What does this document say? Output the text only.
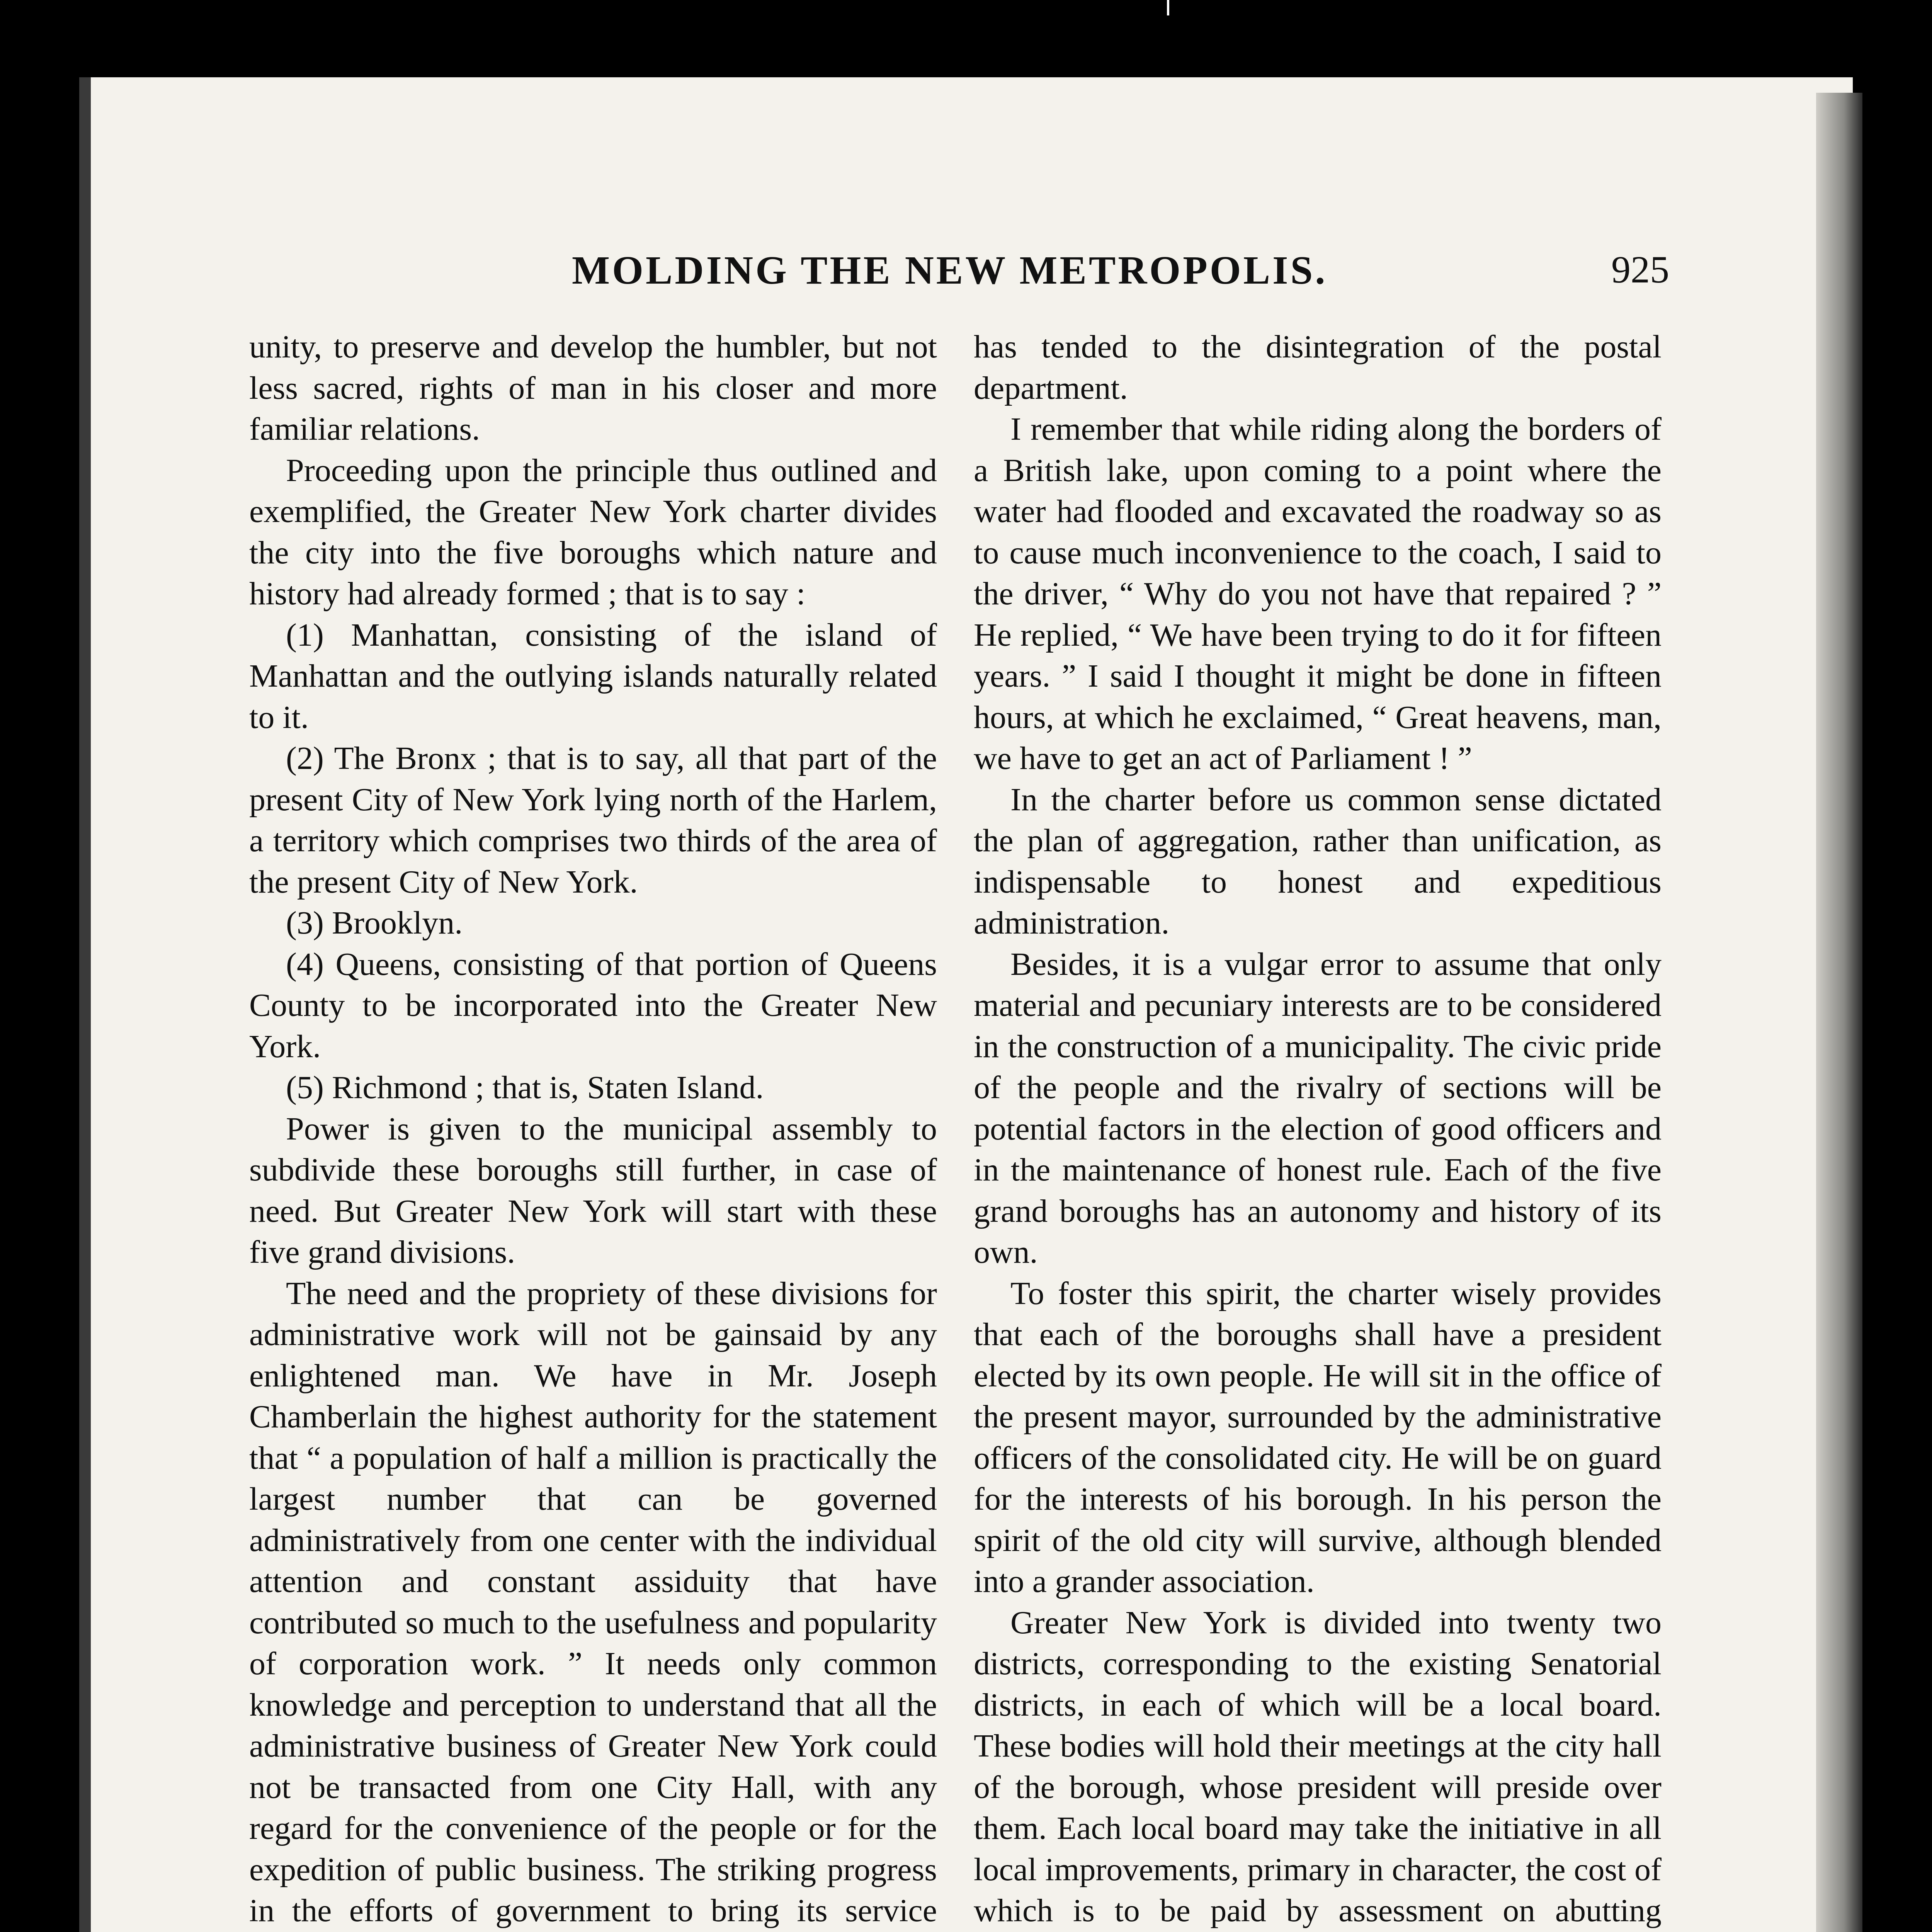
MOLDING THE NEW METROPOLIS.	925

unity, to preserve and develop the humbler, but not less sacred, rights of man in his closer and more familiar relations.

Proceeding upon the principle thus outlined and exemplified, the Greater New York charter divides the city into the five boroughs which nature and history had already formed ; that is to say :

(1) Manhattan, consisting of the island of Manhattan and the outlying islands naturally related to it.

(2) The Bronx ; that is to say, all that part of the present City of New York lying north of the Harlem, a territory which comprises two thirds of the area of the present City of New York.

(3) Brooklyn.

(4) Queens, consisting of that portion of Queens County to be incorporated into the Greater New York.

(5) Richmond ; that is, Staten Island.

Power is given to the municipal assembly to subdivide these boroughs still further, in case of need. But Greater New York will start with these five grand divisions.

The need and the propriety of these divisions for administrative work will not be gainsaid by any enlightened man. We have in Mr. Joseph Chamberlain the highest authority for the statement that “ a population of half a million is practically the largest number that can be governed administratively from one center with the individual attention and constant assiduity that have contributed so much to the usefulness and popularity of corporation work. ” It needs only common knowledge and perception to understand that all the administrative business of Greater New York could not be transacted from one City Hall, with any regard for the convenience of the people or for the expedition of public business. The striking progress in the efforts of government to bring its service

has tended to the disintegration of the postal department.

I remember that while riding along the borders of a British lake, upon coming to a point where the water had flooded and excavated the roadway so as to cause much inconvenience to the coach, I said to the driver, “ Why do you not have that repaired ? ” He replied, “ We have been trying to do it for fifteen years. ” I said I thought it might be done in fifteen hours, at which he exclaimed, “ Great heavens, man, we have to get an act of Parliament ! ”

In the charter before us common sense dictated the plan of aggregation, rather than unification, as indispensable to honest and expeditious administration.

Besides, it is a vulgar error to assume that only material and pecuniary interests are to be considered in the construction of a municipality. The civic pride of the people and the rivalry of sections will be potential factors in the election of good officers and in the maintenance of honest rule. Each of the five grand boroughs has an autonomy and history of its own.

To foster this spirit, the charter wisely provides that each of the boroughs shall have a president elected by its own people. He will sit in the office of the present mayor, surrounded by the administrative officers of the consolidated city. He will be on guard for the interests of his borough. In his person the spirit of the old city will survive, although blended into a grander association.

Greater New York is divided into twenty two districts, corresponding to the existing Senatorial districts, in each of which will be a local board. These bodies will hold their meetings at the city hall of the borough, whose president will preside over them. Each local board may take the initiative in all local improvements, primary in character, the cost of which is to be paid by assessment on abutting
